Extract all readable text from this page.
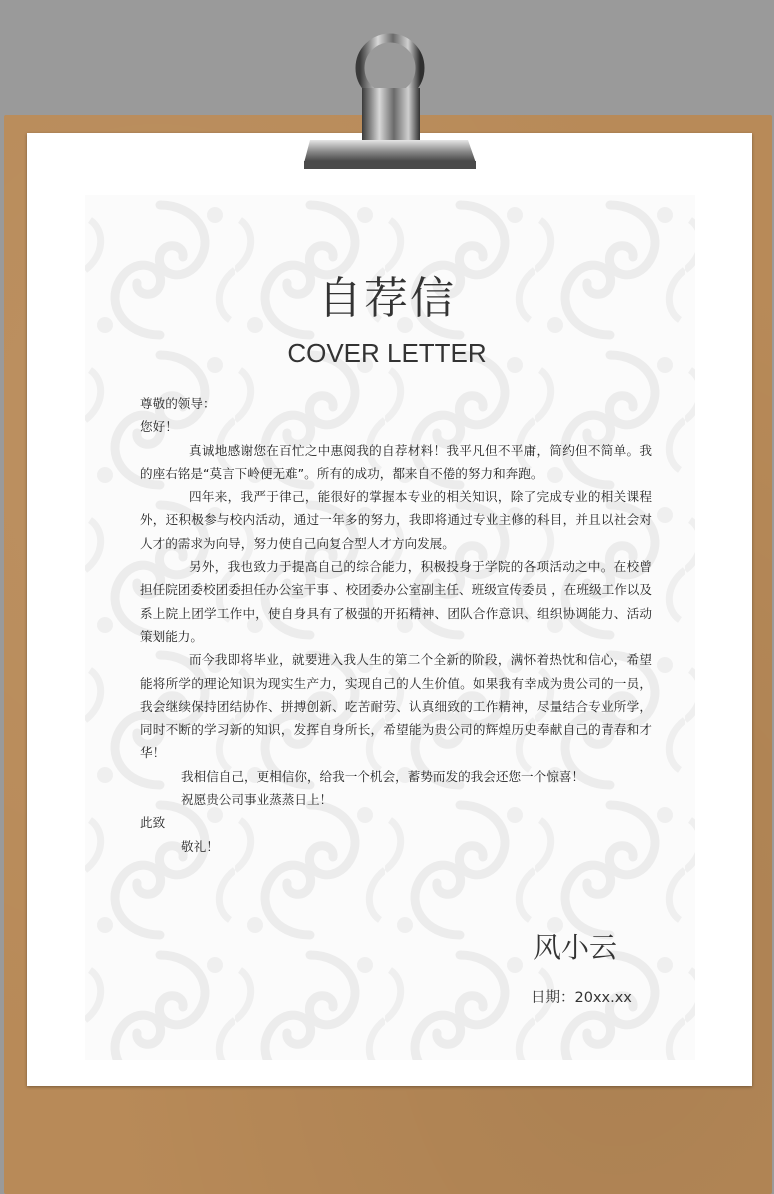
自荐信
COVER LETTER

尊敬的领导：

您好！

真诚地感谢您在百忙之中惠阅我的自荐材料！我平凡但不平庸，简约但不简单。我的座右铭是“莫言下岭便无难”。所有的成功，都来自不倦的努力和奔跑。

四年来，我严于律己，能很好的掌握本专业的相关知识，除了完成专业的相关课程外，还积极参与校内活动，通过一年多的努力，我即将通过专业主修的科目，并且以社会对人才的需求为向导，努力使自己向复合型人才方向发展。

另外，我也致力于提高自己的综合能力，积极投身于学院的各项活动之中。在校曾担任院团委校团委担任办公室干事 、校团委办公室副主任、班级宣传委员 ，在班级工作以及系上院上团学工作中，使自身具有了极强的开拓精神、团队合作意识、组织协调能力、活动策划能力。

而今我即将毕业，就要进入我人生的第二个全新的阶段，满怀着热忱和信心，希望能将所学的理论知识为现实生产力，实现自己的人生价值。如果我有幸成为贵公司的一员，我会继续保持团结协作、拼搏创新、吃苦耐劳、认真细致的工作精神，尽量结合专业所学，同时不断的学习新的知识，发挥自身所长，希望能为贵公司的辉煌历史奉献自己的青春和才华！

我相信自己，更相信你，给我一个机会，蓄势而发的我会还您一个惊喜！

祝愿贵公司事业蒸蒸日上！

此致

敬礼！

风小云
日期：20xx.xx
